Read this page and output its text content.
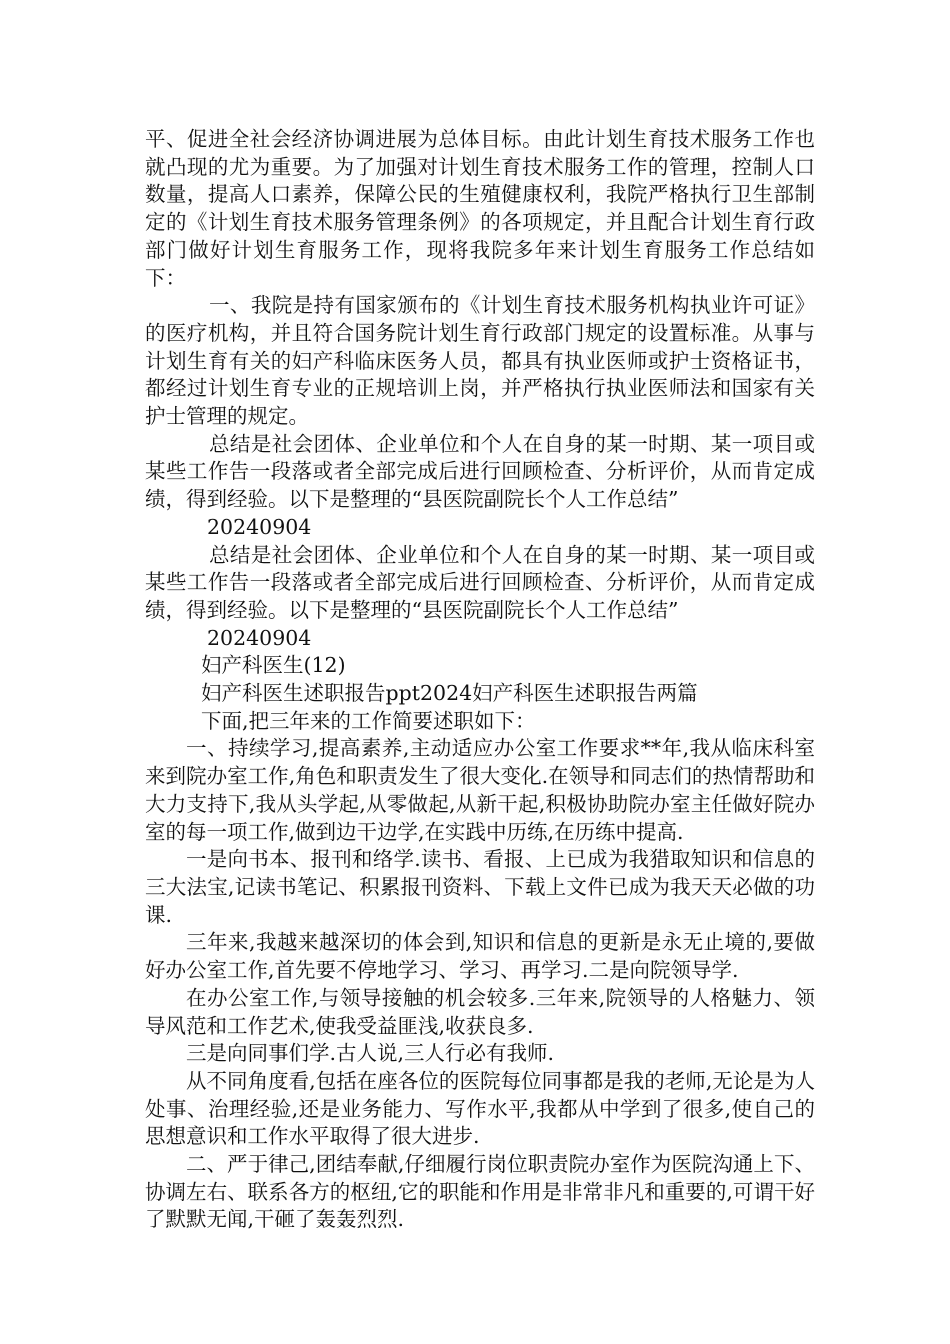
平、促进全社会经济协调进展为总体目标。由此计划生育技术服务工作也就凸现的尤为重要。为了加强对计划生育技术服务工作的管理，控制人口数量，提高人口素养，保障公民的生殖健康权利，我院严格执行卫生部制定的《计划生育技术服务管理条例》的各项规定，并且配合计划生育行政部门做好计划生育服务工作，现将我院多年来计划生育服务工作总结如下：

一、我院是持有国家颁布的《计划生育技术服务机构执业许可证》的医疗机构，并且符合国务院计划生育行政部门规定的设置标准。从事与计划生育有关的妇产科临床医务人员，都具有执业医师或护士资格证书，都经过计划生育专业的正规培训上岗，并严格执行执业医师法和国家有关护士管理的规定。

总结是社会团体、企业单位和个人在自身的某一时期、某一项目或某些工作告一段落或者全部完成后进行回顾检查、分析评价，从而肯定成绩，得到经验。以下是整理的“县医院副院长个人工作总结”

20240904

总结是社会团体、企业单位和个人在自身的某一时期、某一项目或某些工作告一段落或者全部完成后进行回顾检查、分析评价，从而肯定成绩，得到经验。以下是整理的“县医院副院长个人工作总结”

20240904

妇产科医生(12)

妇产科医生述职报告ppt2024妇产科医生述职报告两篇

下面,把三年来的工作简要述职如下：

一、持续学习,提高素养,主动适应办公室工作要求**年,我从临床科室来到院办室工作,角色和职责发生了很大变化.在领导和同志们的热情帮助和大力支持下,我从头学起,从零做起,从新干起,积极协助院办室主任做好院办室的每一项工作,做到边干边学,在实践中历练,在历练中提高.

一是向书本、报刊和络学.读书、看报、上已成为我猎取知识和信息的三大法宝,记读书笔记、积累报刊资料、下载上文件已成为我天天必做的功课.

三年来,我越来越深切的体会到,知识和信息的更新是永无止境的,要做好办公室工作,首先要不停地学习、学习、再学习.二是向院领导学.

在办公室工作,与领导接触的机会较多.三年来,院领导的人格魅力、领导风范和工作艺术,使我受益匪浅,收获良多.

三是向同事们学.古人说,三人行必有我师.

从不同角度看,包括在座各位的医院每位同事都是我的老师,无论是为人处事、治理经验,还是业务能力、写作水平,我都从中学到了很多,使自己的思想意识和工作水平取得了很大进步.

二、严于律己,团结奉献,仔细履行岗位职责院办室作为医院沟通上下、协调左右、联系各方的枢纽,它的职能和作用是非常非凡和重要的,可谓干好了默默无闻,干砸了轰轰烈烈.
